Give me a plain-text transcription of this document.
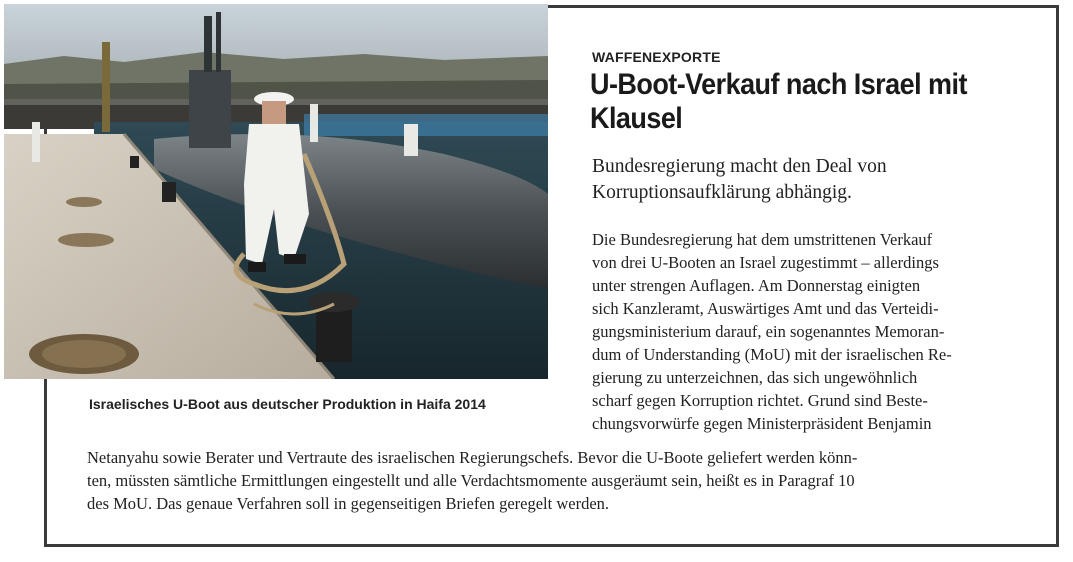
Israelisches U-Boot aus deutscher Produktion in Haifa 2014
WAFFENEXPORTE
U-Boot-Verkauf nach Israel mit Klausel
Bundesregierung macht den Deal von Korruptionsaufklärung abhängig.
Die Bundesregierung hat dem umstrittenen Verkauf
von drei U-Booten an Israel zugestimmt – allerdings
unter strengen Auflagen. Am Donnerstag einigten
sich Kanzleramt, Auswärtiges Amt und das Verteidi-
gungsministerium darauf, ein sogenanntes Memoran-
dum of Understanding (MoU) mit der israelischen Re-
gierung zu unterzeichnen, das sich ungewöhnlich
scharf gegen Korruption richtet. Grund sind Beste-
chungsvorwürfe gegen Ministerpräsident Benjamin
Netanyahu sowie Berater und Vertraute des israelischen Regierungschefs. Bevor die U-Boote geliefert werden könn-
ten, müssten sämtliche Ermittlungen eingestellt und alle Verdachtsmomente ausgeräumt sein, heißt es in Paragraf 10
des MoU. Das genaue Verfahren soll in gegenseitigen Briefen geregelt werden.
